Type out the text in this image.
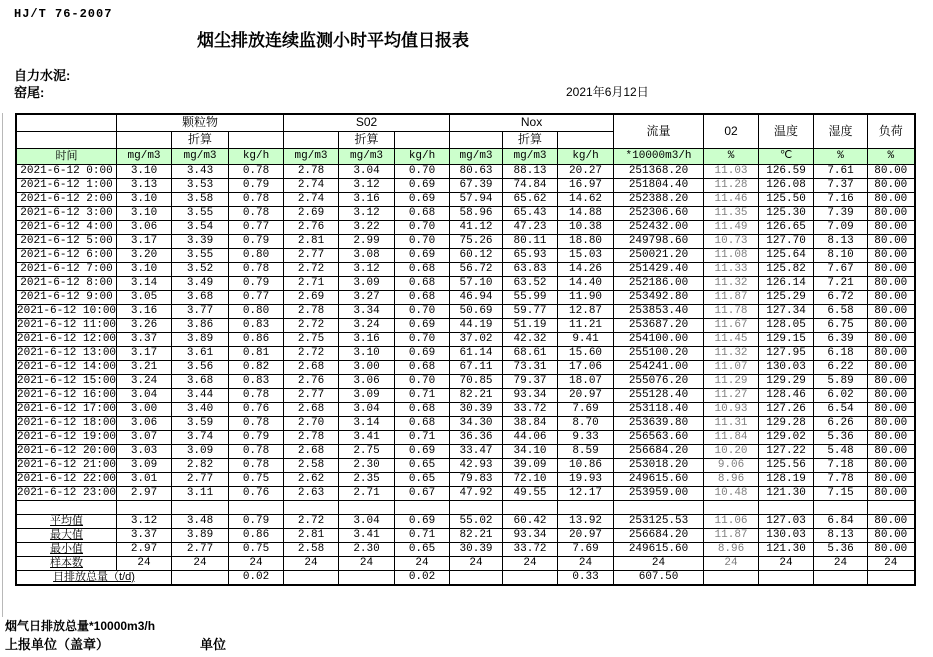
HJ/T 76-2007
烟尘排放连续监测小时平均值日报表
自力水泥:
窑尾:	2021年6月12日
	颗粒物			S02			Nox			流量	02	温度	湿度	负荷
		折算			折算			折算						
时间	mg/m3	mg/m3	kg/h	mg/m3	mg/m3	kg/h	mg/m3	mg/m3	kg/h	*10000m3/h	%	℃	%	%
2021-6-12 0:00	3.10	3.43	0.78	2.78	3.04	0.70	80.63	88.13	20.27	251368.20	11.03	126.59	7.61	80.00
2021-6-12 1:00	3.13	3.53	0.79	2.74	3.12	0.69	67.39	74.84	16.97	251804.40	11.28	126.08	7.37	80.00
2021-6-12 2:00	3.10	3.58	0.78	2.74	3.16	0.69	57.94	65.62	14.62	252388.20	11.46	125.50	7.16	80.00
2021-6-12 3:00	3.10	3.55	0.78	2.69	3.12	0.68	58.96	65.43	14.88	252306.60	11.35	125.30	7.39	80.00
2021-6-12 4:00	3.06	3.54	0.77	2.76	3.22	0.70	41.12	47.23	10.38	252432.00	11.49	126.65	7.09	80.00
2021-6-12 5:00	3.17	3.39	0.79	2.81	2.99	0.70	75.26	80.11	18.80	249798.60	10.73	127.70	8.13	80.00
2021-6-12 6:00	3.20	3.55	0.80	2.77	3.08	0.69	60.12	65.93	15.03	250021.20	11.08	125.64	8.10	80.00
2021-6-12 7:00	3.10	3.52	0.78	2.72	3.12	0.68	56.72	63.83	14.26	251429.40	11.33	125.82	7.67	80.00
2021-6-12 8:00	3.14	3.49	0.79	2.71	3.09	0.68	57.10	63.52	14.40	252186.00	11.32	126.14	7.21	80.00
2021-6-12 9:00	3.05	3.68	0.77	2.69	3.27	0.68	46.94	55.99	11.90	253492.80	11.87	125.29	6.72	80.00
2021-6-12 10:00	3.16	3.77	0.80	2.78	3.34	0.70	50.69	59.77	12.87	253853.40	11.78	127.34	6.58	80.00
2021-6-12 11:00	3.26	3.86	0.83	2.72	3.24	0.69	44.19	51.19	11.21	253687.20	11.67	128.05	6.75	80.00
2021-6-12 12:00	3.37	3.89	0.86	2.75	3.16	0.70	37.02	42.32	9.41	254100.00	11.45	129.15	6.39	80.00
2021-6-12 13:00	3.17	3.61	0.81	2.72	3.10	0.69	61.14	68.61	15.60	255100.20	11.32	127.95	6.18	80.00
2021-6-12 14:00	3.21	3.56	0.82	2.68	3.00	0.68	67.11	73.31	17.06	254241.00	11.07	130.03	6.22	80.00
2021-6-12 15:00	3.24	3.68	0.83	2.76	3.06	0.70	70.85	79.37	18.07	255076.20	11.29	129.29	5.89	80.00
2021-6-12 16:00	3.04	3.44	0.78	2.77	3.09	0.71	82.21	93.34	20.97	255128.40	11.27	128.46	6.02	80.00
2021-6-12 17:00	3.00	3.40	0.76	2.68	3.04	0.68	30.39	33.72	7.69	253118.40	10.93	127.26	6.54	80.00
2021-6-12 18:00	3.06	3.59	0.78	2.70	3.14	0.68	34.30	38.84	8.70	253639.80	11.31	129.28	6.26	80.00
2021-6-12 19:00	3.07	3.74	0.79	2.78	3.41	0.71	36.36	44.06	9.33	256563.60	11.84	129.02	5.36	80.00
2021-6-12 20:00	3.03	3.09	0.78	2.68	2.75	0.69	33.47	34.10	8.59	256684.20	10.20	127.22	5.48	80.00
2021-6-12 21:00	3.09	2.82	0.78	2.58	2.30	0.65	42.93	39.09	10.86	253018.20	9.06	125.56	7.18	80.00
2021-6-12 22:00	3.01	2.77	0.75	2.62	2.35	0.65	79.83	72.10	19.93	249615.60	8.96	128.19	7.78	80.00
2021-6-12 23:00	2.97	3.11	0.76	2.63	2.71	0.67	47.92	49.55	12.17	253959.00	10.48	121.30	7.15	80.00

平均值	3.12	3.48	0.79	2.72	3.04	0.69	55.02	60.42	13.92	253125.53	11.06	127.03	6.84	80.00
最大值	3.37	3.89	0.86	2.81	3.41	0.71	82.21	93.34	20.97	256684.20	11.87	130.03	8.13	80.00
最小值	2.97	2.77	0.75	2.58	2.30	0.65	30.39	33.72	7.69	249615.60	8.96	121.30	5.36	80.00
样本数	24	24	24	24	24	24	24	24	24	24	24	24	24	24
日排放总量（t/d)			0.02			0.02			0.33	607.50				
烟气日排放总量*10000m3/h
上报单位（盖章）	单位
